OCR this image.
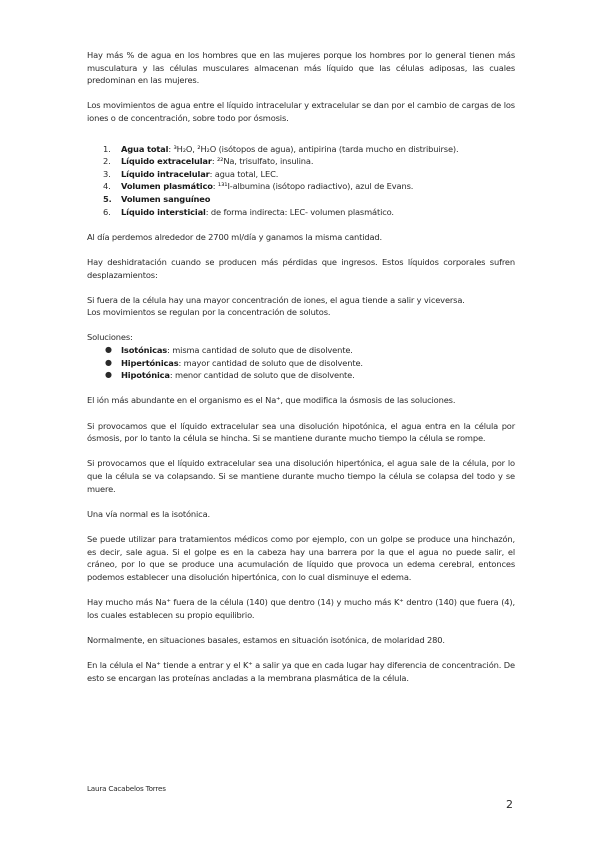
Hay más % de agua en los hombres que en las mujeres porque los hombres por lo general tienen más musculatura y las células musculares almacenan más líquido que las células adiposas, las cuales predominan en las mujeres.

Los movimientos de agua entre el líquido intracelular y extracelular se dan por el cambio de cargas de los iones o de concentración, sobre todo por ósmosis.

1. Agua total: ³H₂O, ²H₂O (isótopos de agua), antipirina (tarda mucho en distribuirse).
2. Líquido extracelular: ²²Na, trisulfato, insulina.
3. Líquido intracelular: agua total, LEC.
4. Volumen plasmático: ¹³¹I-albumina (isótopo radiactivo), azul de Evans.
5. Volumen sanguíneo
6. Líquido intersticial: de forma indirecta: LEC- volumen plasmático.

Al día perdemos alrededor de 2700 ml/día y ganamos la misma cantidad.

Hay deshidratación cuando se producen más pérdidas que ingresos. Estos líquidos corporales sufren desplazamientos:

Si fuera de la célula hay una mayor concentración de iones, el agua tiende a salir y viceversa.

Los movimientos se regulan por la concentración de solutos.

Soluciones:
● Isotónicas: misma cantidad de soluto que de disolvente.
● Hipertónicas: mayor cantidad de soluto que de disolvente.
● Hipotónica: menor cantidad de soluto que de disolvente.

El ión más abundante en el organismo es el Na⁺, que modifica la ósmosis de las soluciones.

Si provocamos que el líquido extracelular sea una disolución hipotónica, el agua entra en la célula por ósmosis, por lo tanto la célula se hincha. Si se mantiene durante mucho tiempo la célula se rompe.

Si provocamos que el líquido extracelular sea una disolución hipertónica, el agua sale de la célula, por lo que la célula se va colapsando. Si se mantiene durante mucho tiempo la célula se colapsa del todo y se muere.

Una vía normal es la isotónica.

Se puede utilizar para tratamientos médicos como por ejemplo, con un golpe se produce una hinchazón, es decir, sale agua. Si el golpe es en la cabeza hay una barrera por la que el agua no puede salir, el cráneo, por lo que se produce una acumulación de líquido que provoca un edema cerebral, entonces podemos establecer una disolución hipertónica, con lo cual disminuye el edema.

Hay mucho más Na⁺ fuera de la célula (140) que dentro (14) y mucho más K⁺ dentro (140) que fuera (4), los cuales establecen su propio equilibrio.

Normalmente, en situaciones basales, estamos en situación isotónica, de molaridad 280.

En la célula el Na⁺ tiende a entrar y el K⁺ a salir ya que en cada lugar hay diferencia de concentración. De esto se encargan las proteínas ancladas a la membrana plasmática de la célula.

Laura Cacabelos Torres
2
